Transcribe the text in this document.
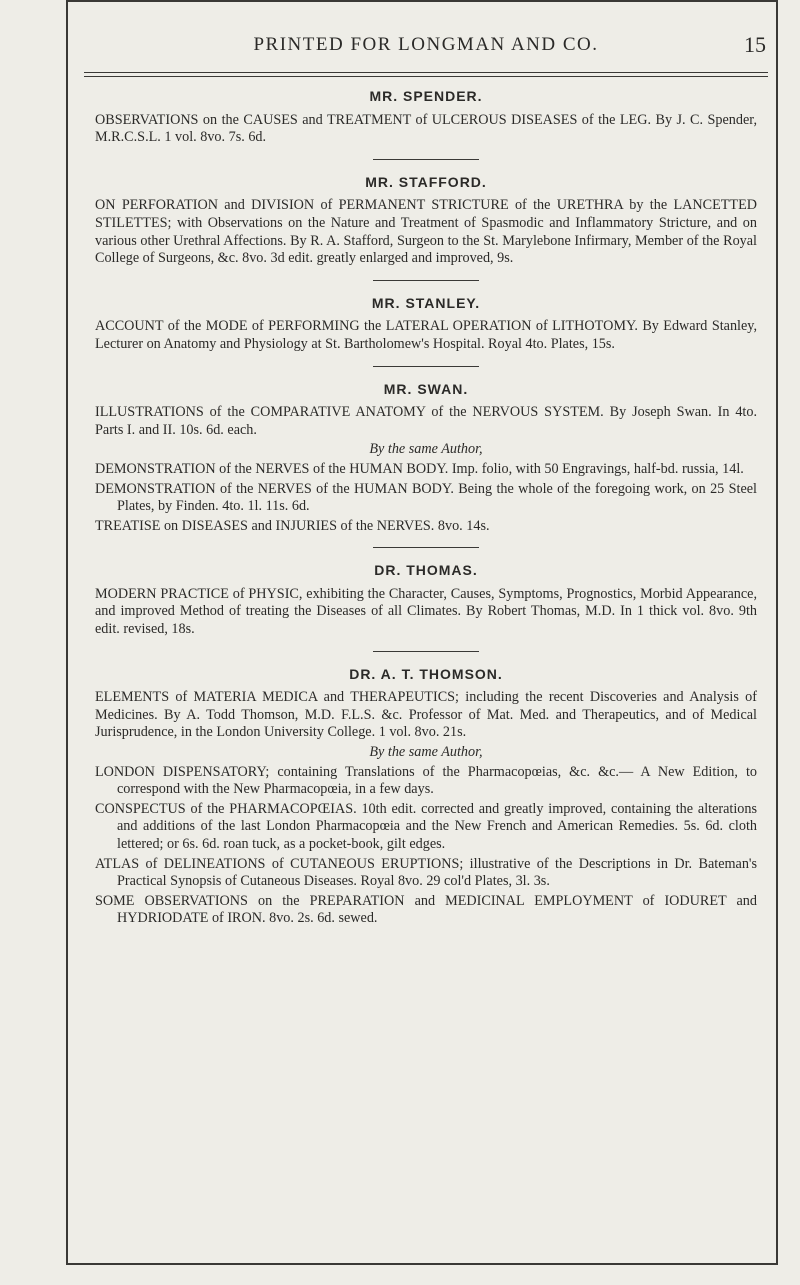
PRINTED FOR LONGMAN AND CO.	15
MR. SPENDER.

OBSERVATIONS on the CAUSES and TREATMENT of ULCEROUS DISEASES of the LEG. By J. C. Spender, M.R.C.S.L. 1 vol. 8vo. 7s. 6d.

MR. STAFFORD.

ON PERFORATION and DIVISION of PERMANENT STRICTURE of the URETHRA by the LANCETTED STILETTES; with Observations on the Nature and Treatment of Spasmodic and Inflammatory Stricture, and on various other Urethral Affections. By R. A. Stafford, Surgeon to the St. Marylebone Infirmary, Member of the Royal College of Surgeons, &c. 8vo. 3d edit. greatly enlarged and improved, 9s.

MR. STANLEY.

ACCOUNT of the MODE of PERFORMING the LATERAL OPERATION of LITHOTOMY. By Edward Stanley, Lecturer on Anatomy and Physiology at St. Bartholomew's Hospital. Royal 4to. Plates, 15s.

MR. SWAN.

ILLUSTRATIONS of the COMPARATIVE ANATOMY of the NERVOUS SYSTEM. By Joseph Swan. In 4to. Parts I. and II. 10s. 6d. each.

By the same Author,

DEMONSTRATION of the NERVES of the HUMAN BODY. Imp. folio, with 50 Engravings, half-bd. russia, 14l.

DEMONSTRATION of the NERVES of the HUMAN BODY. Being the whole of the foregoing work, on 25 Steel Plates, by Finden. 4to. 1l. 11s. 6d.

TREATISE on DISEASES and INJURIES of the NERVES. 8vo. 14s.

DR. THOMAS.

MODERN PRACTICE of PHYSIC, exhibiting the Character, Causes, Symptoms, Prognostics, Morbid Appearance, and improved Method of treating the Diseases of all Climates. By Robert Thomas, M.D. In 1 thick vol. 8vo. 9th edit. revised, 18s.

DR. A. T. THOMSON.

ELEMENTS of MATERIA MEDICA and THERAPEUTICS; including the recent Discoveries and Analysis of Medicines. By A. Todd Thomson, M.D. F.L.S. &c. Professor of Mat. Med. and Therapeutics, and of Medical Jurisprudence, in the London University College. 1 vol. 8vo. 21s.

By the same Author,

LONDON DISPENSATORY; containing Translations of the Pharmacopœias, &c. &c.— A New Edition, to correspond with the New Pharmacopœia, in a few days.

CONSPECTUS of the PHARMACOPŒIAS. 10th edit. corrected and greatly improved, containing the alterations and additions of the last London Pharmacopœia and the New French and American Remedies. 5s. 6d. cloth lettered; or 6s. 6d. roan tuck, as a pocket-book, gilt edges.

ATLAS of DELINEATIONS of CUTANEOUS ERUPTIONS; illustrative of the Descriptions in Dr. Bateman's Practical Synopsis of Cutaneous Diseases. Royal 8vo. 29 col'd Plates, 3l. 3s.

SOME OBSERVATIONS on the PREPARATION and MEDICINAL EMPLOYMENT of IODURET and HYDRIODATE of IRON. 8vo. 2s. 6d. sewed.
